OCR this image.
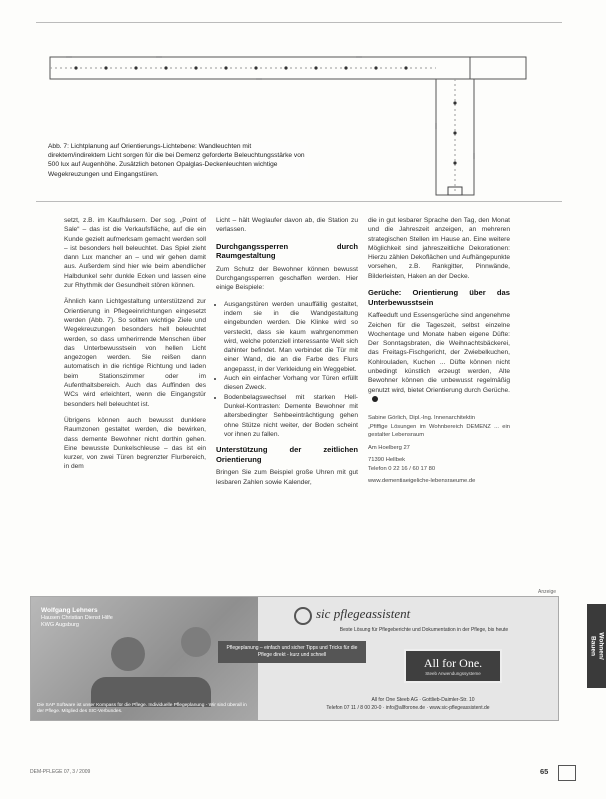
Abb. 7: Lichtplanung auf Orientierungs-Lichtebene: Wandleuchten mit direktem/indirektem Licht sorgen für die bei Demenz geforderte Beleuchtungsstärke von 500 lux auf Augenhöhe. Zusätzlich betonen Opalglas-Deckenleuchten wichtige Wegekreuzungen und Eingangstüren.

setzt, z.B. im Kaufhäusern. Der sog. „Point of Sale“ – das ist die Verkaufsfläche, auf die ein Kunde gezielt aufmerksam gemacht werden soll – ist besonders hell beleuchtet. Das Spiel zieht dann Lux mancher an – und wir gehen damit aus. Außerdem sind hier wie beim abendlicher Halbdunkel sehr dunkle Ecken und lassen eine zur Rhythmik der Gesundheit stören können.

Ähnlich kann Lichtgestaltung unterstützend zur Orientierung in Pflegeeinrichtungen eingesetzt werden (Abb. 7). So sollten wichtige Ziele und Wegekreuzungen besonders hell beleuchtet werden, so dass umherirrende Menschen über das Unterbewusstsein von hellen Licht angezogen werden. Sie reißen dann automatisch in die richtige Richtung und laden beim Stationszimmer oder im Aufenthaltsbereich. Auch das Auffinden des WCs wird erleichtert, wenn die Eingangstür besonders hell beleuchtet ist.

Übrigens können auch bewusst dunklere Raumzonen gestaltet werden, die bewirken, dass demente Bewohner nicht dorthin gehen. Eine bewusste Dunkelschleuse – das ist ein kurzer, von zwei Türen begrenzter Flurbereich, in dem

Licht – hält Weglaufer davon ab, die Station zu verlassen.

Durchgangssperren durch Raumgestaltung

Zum Schutz der Bewohner können bewusst Durchgangssperren geschaffen werden. Hier einige Beispiele:

• Ausgangstüren werden unauffällig gestaltet, indem sie in die Wandgestaltung eingebunden werden. Die Klinke wird so versteckt, dass sie kaum wahrgenommen wird, welche potenziell interessante Welt sich dahinter befindet. Man verbindet die Tür mit einer Wand, die an die Farbe des Flurs angepasst, in der Verkleidung ein Weggebiet.
• Auch ein einfacher Vorhang vor Türen erfüllt diesen Zweck.
• Bodenbelagswechsel mit starken Hell-Dunkel-Kontrasten: Demente Bewohner mit altersbedingter Sehbeeinträchtigung gehen ohne Stütze nicht weiter, der Boden scheint vor ihnen zu fallen.
Unterstützung der zeitlichen Orientierung

Bringen Sie zum Beispiel große Uhren mit gut lesbaren Zahlen sowie Kalender,

die in gut lesbarer Sprache den Tag, den Monat und die Jahreszeit anzeigen, an mehreren strategischen Stellen im Hause an. Eine weitere Möglichkeit sind jahreszeitliche Dekorationen: Hierzu zählen Dekoflächen und Aufhängepunkte vorsehen, z.B. Rankgitter, Pinnwände, Bilderleisten, Haken an der Decke.

Gerüche: Orientierung über das Unterbewusstsein

Kaffeeduft und Essensgerüche sind angenehme Zeichen für die Tageszeit, selbst einzelne Wochentage und Monate haben eigene Düfte: Der Sonntagsbraten, die Weihnachtsbäckerei, das Freitags-Fischgericht, der Zwiebelkuchen, Kohlrouladen, Kuchen ... Düfte können nicht unbedingt künstlich erzeugt werden, Alte Bewohner können die unbewusst regelmäßig genutzt wird, bietet Orientierung durch Gerüche.

Sabine Görlich, Dipl.-Ing. Innenarchitektin
„Pfiffige Lösungen im Wohnbereich DEMENZ ... ein gestalter Lebensraum
Am Hoelberg 27
71390 Hellbek
Telefon 0 22 16 / 60 17 80
www.dementiaeigeliche-lebensraeume.de
Wohnen/
Bauen
Anzeige
Wolfgang Lehners
Hausen Christian Dienst Hilfe
KWG Augsburg
Die SAP Software ist unser Kompass für die Pflege. Individuelle Pflegeplanung - Wir sind überall in der Pflege. Mitglied des SIC-Verbundes.
sic pflegeassistent
Beste Lösung für Pflegeberichte und Dokumentation in der Pflege, bis heute
Pflegeplanung – einfach und sicher Tipps und Tricks für die Pflege direkt - kurz und schnell
All for One.
Steeb Anwendungssysteme
All for One Steeb AG · Gottlieb-Daimler-Str. 10
Telefon 07 11 / 8 00 20-0 · info@allforone.de · www.sic-pflegeassistent.de
DEM-PFLEGE 07, 3 / 2009	65
